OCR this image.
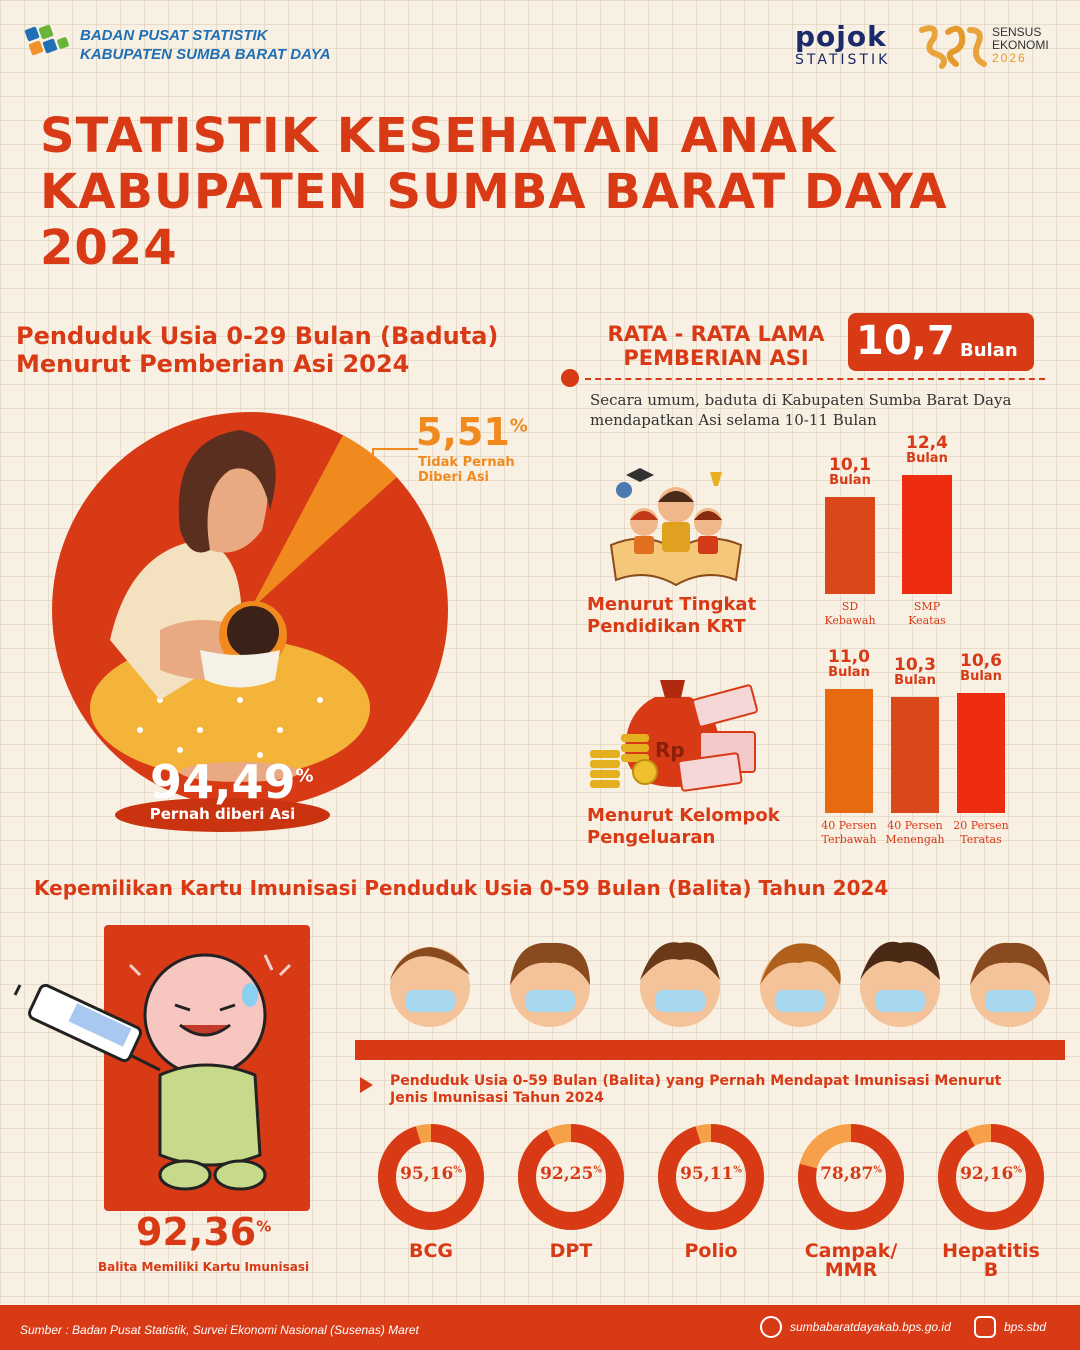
BADAN PUSAT STATISTIK
KABUPATEN SUMBA BARAT DAYA
pojok
STATISTIK
SENSUS
EKONOMI
2026
STATISTIK KESEHATAN ANAK
KABUPATEN SUMBA BARAT DAYA
2024
Penduduk Usia 0-29 Bulan (Baduta)
Menurut Pemberian Asi 2024
5,51%
Tidak Pernah
Diberi Asi
94,49%
Pernah diberi Asi
RATA - RATA LAMA
PEMBERIAN ASI	10,7 Bulan
Secara umum, baduta di Kabupaten Sumba Barat Daya
mendapatkan Asi selama 10-11 Bulan
Menurut Tingkat
Pendidikan KRT
10,1
Bulan
SD
Kebawah
12,4
Bulan
SMP
Keatas
Rp
Menurut Kelompok
Pengeluaran
11,0
Bulan
40 Persen
Terbawah
10,3
Bulan
40 Persen
Menengah
10,6
Bulan
20 Persen
Teratas
Kepemilikan Kartu Imunisasi Penduduk Usia 0-59 Bulan (Balita) Tahun 2024
92,36%
Balita Memiliki Kartu Imunisasi
Penduduk Usia 0-59 Bulan (Balita) yang Pernah Mendapat Imunisasi Menurut
Jenis Imunisasi Tahun 2024
95,16%
BCG
92,25%
DPT
95,11%
Polio
78,87%
Campak/
MMR
92,16%
Hepatitis
B
Sumber : Badan Pusat Statistik, Survei Ekonomi Nasional (Susenas) Maret	sumbabaratdayakab.bps.go.id	bps.sbd
